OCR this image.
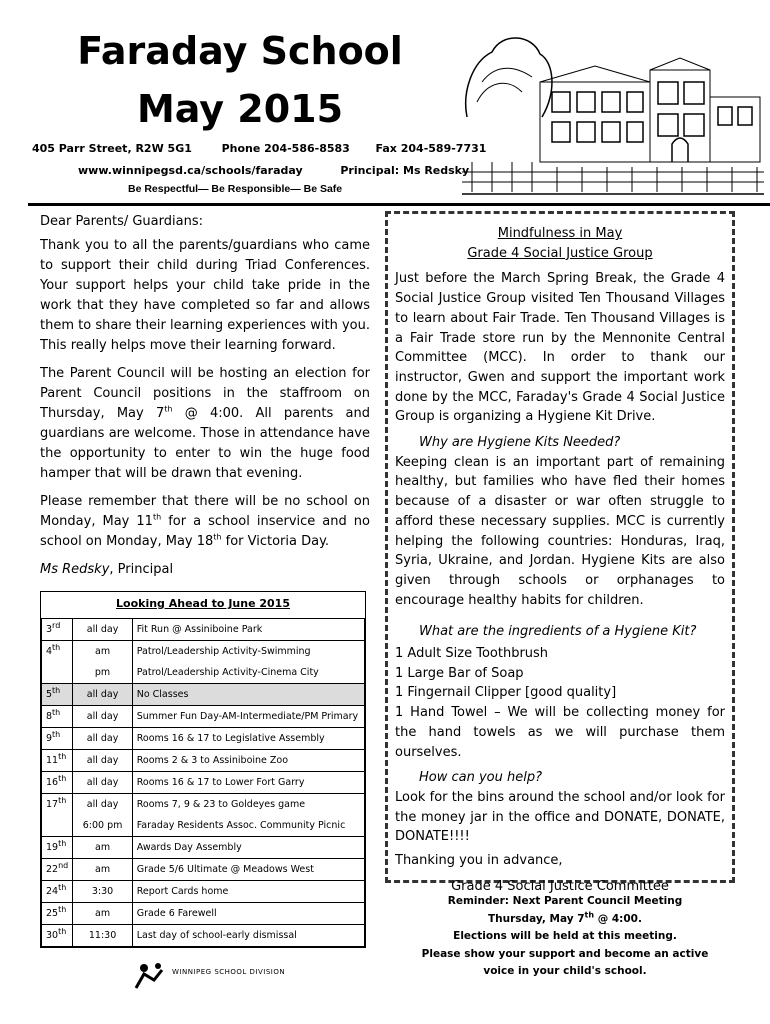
Faraday School
May 2015
405 Parr Street, R2W 5G1	Phone 204-586-8583 Fax 204-589-7731
www.winnipegsd.ca/schools/faraday	Principal: Ms Redsky
Be Respectful— Be Responsible— Be Safe

Dear Parents/ Guardians:

Thank you to all the parents/guardians who came to support their child during Triad Conferences. Your support helps your child take pride in the work that they have completed so far and allows them to share their learning experiences with you. This really helps move their learning forward.

The Parent Council will be hosting an election for Parent Council positions in the staffroom on Thursday, May 7th @ 4:00. All parents and guardians are welcome. Those in attendance have the opportunity to enter to win the huge food hamper that will be drawn that evening.

Please remember that there will be no school on Monday, May 11th for a school inservice and no school on Monday, May 18th for Victoria Day.

Ms Redsky, Principal

Looking Ahead to June 2015
3rd	all day	Fit Run @ Assiniboine Park
4th	am	Patrol/Leadership Activity-Swimming
	pm	Patrol/Leadership Activity-Cinema City
5th	all day	No Classes
8th	all day	Summer Fun Day-AM-Intermediate/PM Primary
9th	all day	Rooms 16 & 17 to Legislative Assembly
11th	all day	Rooms 2 & 3 to Assiniboine Zoo
16th	all day	Rooms 16 & 17 to Lower Fort Garry
17th	all day	Rooms 7, 9 & 23 to Goldeyes game
	6:00 pm	Faraday Residents Assoc. Community Picnic
19th	am	Awards Day Assembly
22nd	am	Grade 5/6 Ultimate @ Meadows West
24th	3:30	Report Cards home
25th	am	Grade 6 Farewell
30th	11:30	Last day of school-early dismissal

Mindfulness in May

Grade 4 Social Justice Group

Just before the March Spring Break, the Grade 4 Social Justice Group visited Ten Thousand Villages to learn about Fair Trade. Ten Thousand Villages is a Fair Trade store run by the Mennonite Central Committee (MCC). In order to thank our instructor, Gwen and support the important work done by the MCC, Faraday's Grade 4 Social Justice Group is organizing a Hygiene Kit Drive.

Why are Hygiene Kits Needed?

Keeping clean is an important part of remaining healthy, but families who have fled their homes because of a disaster or war often struggle to afford these necessary supplies. MCC is currently helping the following countries: Honduras, Iraq, Syria, Ukraine, and Jordan. Hygiene Kits are also given through schools or orphanages to encourage healthy habits for children.

What are the ingredients of a Hygiene Kit?

1 Adult Size Toothbrush

1 Large Bar of Soap

1 Fingernail Clipper [good quality]

1 Hand Towel – We will be collecting money for the hand towels as we will purchase them ourselves.

How can you help?

Look for the bins around the school and/or look for the money jar in the office and DONATE, DONATE, DONATE!!!!

Thanking you in advance,

Grade 4 Social Justice Committee

Reminder: Next Parent Council Meeting
Thursday, May 7th @ 4:00.
Elections will be held at this meeting.
Please show your support and become an active
voice in your child's school.
WINNIPEG SCHOOL DIVISION
